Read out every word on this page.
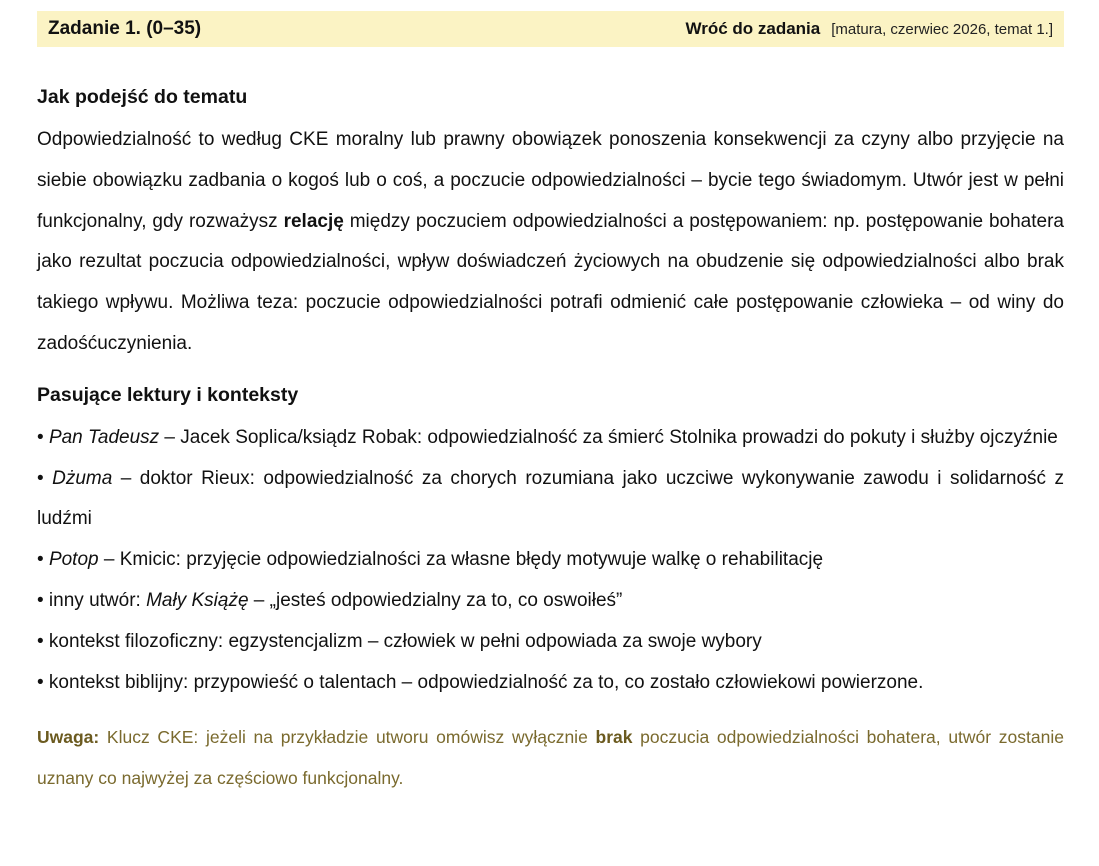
Zadanie 1. (0–35)	Wróć do zadania [matura, czerwiec 2026, temat 1.]
Jak podejść do tematu

Odpowiedzialność to według CKE moralny lub prawny obowiązek ponoszenia konsekwencji za czyny albo przyjęcie na siebie obowiązku zadbania o kogoś lub o coś, a poczucie odpowiedzialności – bycie tego świadomym. Utwór jest w pełni funkcjonalny, gdy rozważysz relację między poczuciem odpowiedzialności a postępowaniem: np. postępowanie bohatera jako rezultat poczucia odpowiedzialności, wpływ doświadczeń życiowych na obudzenie się odpowiedzialności albo brak takiego wpływu. Możliwa teza: poczucie odpowiedzialności potrafi odmienić całe postępowanie człowieka – od winy do zadośćuczynienia.

Pasujące lektury i konteksty
• Pan Tadeusz – Jacek Soplica/ksiądz Robak: odpowiedzialność za śmierć Stolnika prowadzi do pokuty i służby ojczyźnie
• Dżuma – doktor Rieux: odpowiedzialność za chorych rozumiana jako uczciwe wykonywanie zawodu i solidarność z ludźmi
• Potop – Kmicic: przyjęcie odpowiedzialności za własne błędy motywuje walkę o rehabilitację
• inny utwór: Mały Książę – „jesteś odpowiedzialny za to, co oswoiłeś”
• kontekst filozoficzny: egzystencjalizm – człowiek w pełni odpowiada za swoje wybory
• kontekst biblijny: przypowieść o talentach – odpowiedzialność za to, co zostało człowiekowi powierzone.

Uwaga: Klucz CKE: jeżeli na przykładzie utworu omówisz wyłącznie brak poczucia odpowiedzialności bohatera, utwór zostanie uznany co najwyżej za częściowo funkcjonalny.
